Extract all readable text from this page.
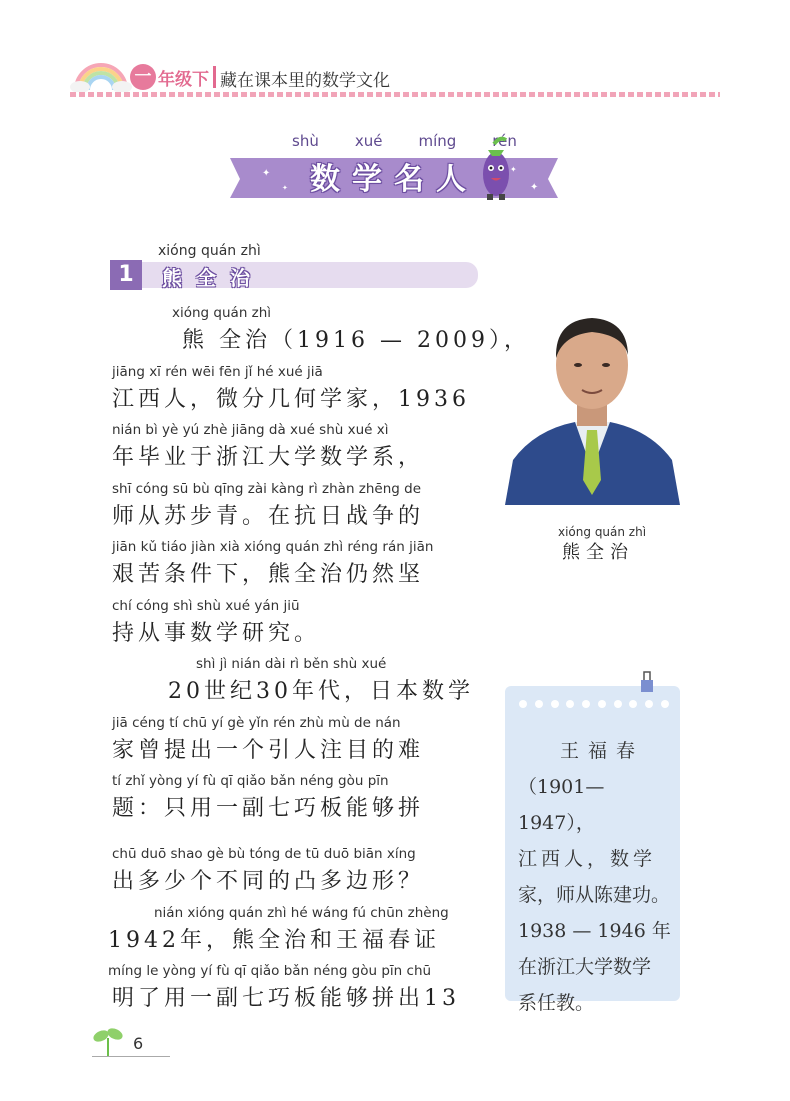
一 年级下 藏在课本里的数学文化
shù xué míng rén
✦
✦
✦
✦
数学名人
xióng quán zhì
1	熊全治
xióng quán zhì
熊 全治（1916 — 2009），
jiāng xī rén wēi fēn jǐ hé xué jiā
江西人，微分几何学家，1936
nián bì yè yú zhè jiāng dà xué shù xué xì
年毕业于浙江大学数学系，
shī cóng sū bù qīng zài kàng rì zhàn zhēng de
师从苏步青。在抗日战争的
jiān kǔ tiáo jiàn xià xióng quán zhì réng rán jiān
艰苦条件下，熊全治仍然坚
chí cóng shì shù xué yán jiū
持从事数学研究。
shì jì nián dài rì běn shù xué
20世纪30年代，日本数学
jiā céng tí chū yí gè yǐn rén zhù mù de nán
家曾提出一个引人注目的难
tí zhǐ yòng yí fù qī qiǎo bǎn néng gòu pīn
题：只用一副七巧板能够拼
chū duō shao gè bù tóng de tū duō biān xíng
出多少个不同的凸多边形？
nián xióng quán zhì hé wáng fú chūn zhèng
1942年，熊全治和王福春证
míng le yòng yí fù qī qiǎo bǎn néng gòu pīn chū
明了用一副七巧板能够拼出13
xióng quán zhì
熊全治
王福春
（1901—1947），
江西人，数学
家，师从陈建功。
1938 — 1946 年
在浙江大学数学
系任教。
6
